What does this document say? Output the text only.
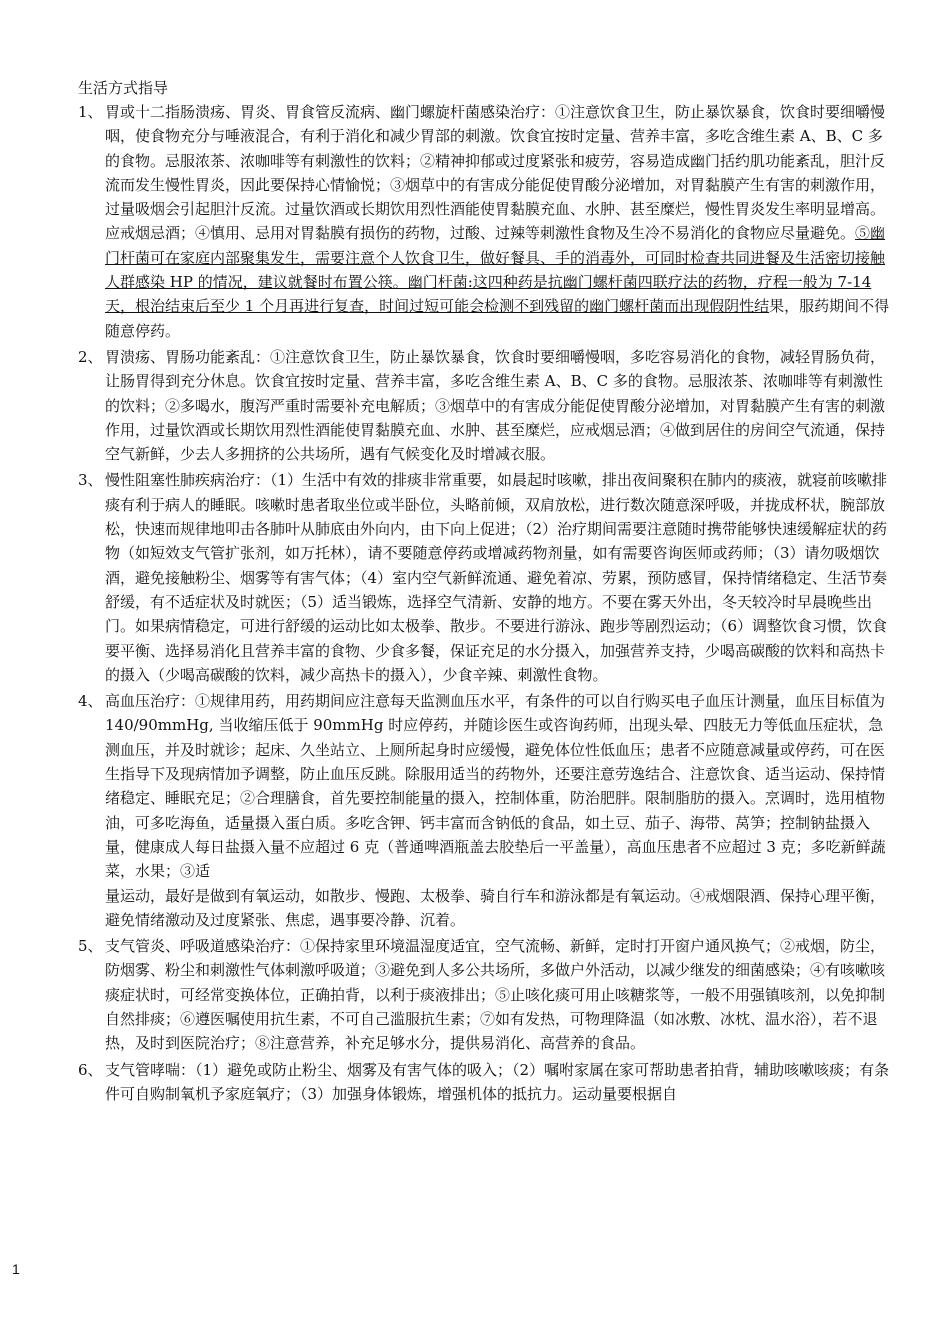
生活方式指导
1、 胃或十二指肠溃疡、胃炎、胃食管反流病、幽门螺旋杆菌感染治疗：①注意饮食卫生，防止暴饮暴食，饮食时要细嚼慢咽，使食物充分与唾液混合，有利于消化和减少胃部的刺激。饮食宜按时定量、营养丰富，多吃含维生素 A、B、C 多的食物。忌服浓茶、浓咖啡等有刺激性的饮料；②精神抑郁或过度紧张和疲劳，容易造成幽门括约肌功能紊乱，胆汁反流而发生慢性胃炎，因此要保持心情愉悦；③烟草中的有害成分能促使胃酸分泌增加，对胃黏膜产生有害的刺激作用，过量吸烟会引起胆汁反流。过量饮酒或长期饮用烈性酒能使胃黏膜充血、水肿、甚至糜烂，慢性胃炎发生率明显增高。应戒烟忌酒；④慎用、忌用对胃黏膜有损伤的药物，过酸、过辣等刺激性食物及生冷不易消化的食物应尽量避免。⑤幽门杆菌可在家庭内部聚集发生，需要注意个人饮食卫生，做好餐具、手的消毒外，可同时检查共同进餐及生活密切接触人群感染 HP 的情况，建议就餐时布置公筷。幽门杆菌:这四种药是抗幽门螺杆菌四联疗法的药物，疗程一般为 7-14 天，根治结束后至少 1 个月再进行复查，时间过短可能会检测不到残留的幽门螺杆菌而出现假阴性结果，服药期间不得随意停药。
2、 胃溃疡、胃肠功能紊乱：①注意饮食卫生，防止暴饮暴食，饮食时要细嚼慢咽，多吃容易消化的食物，减轻胃肠负荷，让肠胃得到充分休息。饮食宜按时定量、营养丰富，多吃含维生素 A、B、C 多的食物。忌服浓茶、浓咖啡等有刺激性的饮料；②多喝水，腹泻严重时需要补充电解质；③烟草中的有害成分能促使胃酸分泌增加，对胃黏膜产生有害的刺激作用，过量饮酒或长期饮用烈性酒能使胃黏膜充血、水肿、甚至糜烂，应戒烟忌酒；④做到居住的房间空气流通，保持空气新鲜，少去人多拥挤的公共场所，遇有气候变化及时增减衣服。
3、 慢性阻塞性肺疾病治疗：（1）生活中有效的排痰非常重要，如晨起时咳嗽，排出夜间聚积在肺内的痰液，就寝前咳嗽排痰有利于病人的睡眠。咳嗽时患者取坐位或半卧位，头略前倾，双肩放松，进行数次随意深呼吸，并拢成杯状，腕部放松，快速而规律地叩击各肺叶从肺底由外向内，由下向上促进；（2）治疗期间需要注意随时携带能够快速缓解症状的药物（如短效支气管扩张剂，如万托林），请不要随意停药或增减药物剂量，如有需要咨询医师或药师；（3）请勿吸烟饮酒，避免接触粉尘、烟雾等有害气体；（4）室内空气新鲜流通、避免着凉、劳累，预防感冒，保持情绪稳定、生活节奏舒缓，有不适症状及时就医；（5）适当锻炼，选择空气清新、安静的地方。不要在雾天外出，冬天较冷时早晨晚些出门。如果病情稳定，可进行舒缓的运动比如太极拳、散步。不要进行游泳、跑步等剧烈运动；（6）调整饮食习惯，饮食要平衡、选择易消化且营养丰富的食物、少食多餐，保证充足的水分摄入，加强营养支持，少喝高碳酸的饮料和高热卡的摄入（少喝高碳酸的饮料，减少高热卡的摄入），少食辛辣、刺激性食物。
4、 高血压治疗：①规律用药，用药期间应注意每天监测血压水平，有条件的可以自行购买电子血压计测量，血压目标值为 140/90mmHg, 当收缩压低于 90mmHg 时应停药，并随诊医生或咨询药师，出现头晕、四肢无力等低血压症状，急测血压，并及时就诊；起床、久坐站立、上厕所起身时应缓慢，避免体位性低血压；患者不应随意减量或停药，可在医生指导下及现病情加予调整，防止血压反跳。除服用适当的药物外，还要注意劳逸结合、注意饮食、适当运动、保持情绪稳定、睡眠充足；②合理膳食，首先要控制能量的摄入，控制体重，防治肥胖。限制脂肪的摄入。烹调时，选用植物油，可多吃海鱼，适量摄入蛋白质。多吃含钾、钙丰富而含钠低的食品，如土豆、茄子、海带、莴笋；控制钠盐摄入量，健康成人每日盐摄入量不应超过 6 克（普通啤酒瓶盖去胶垫后一平盖量），高血压患者不应超过 3 克；多吃新鲜蔬菜，水果；③适
量运动，最好是做到有氧运动，如散步、慢跑、太极拳、骑自行车和游泳都是有氧运动。④戒烟限酒、保持心理平衡，避免情绪激动及过度紧张、焦虑，遇事要冷静、沉着。
5、 支气管炎、呼吸道感染治疗：①保持家里环境温湿度适宜，空气流畅、新鲜，定时打开窗户通风换气；②戒烟，防尘，防烟雾、粉尘和刺激性气体刺激呼吸道；③避免到人多公共场所，多做户外活动，以减少继发的细菌感染；④有咳嗽咳痰症状时，可经常变换体位，正确拍背，以利于痰液排出；⑤止咳化痰可用止咳糖浆等，一般不用强镇咳剂，以免抑制自然排痰；⑥遵医嘱使用抗生素，不可自己滥服抗生素；⑦如有发热，可物理降温（如冰敷、冰枕、温水浴），若不退热，及时到医院治疗；⑧注意营养，补充足够水分，提供易消化、高营养的食品。
6、 支气管哮喘：（1）避免或防止粉尘、烟雾及有害气体的吸入；（2）嘱咐家属在家可帮助患者拍背，辅助咳嗽咳痰；有条件可自购制氧机予家庭氧疗；（3）加强身体锻炼，增强机体的抵抗力。运动量要根据自
1
